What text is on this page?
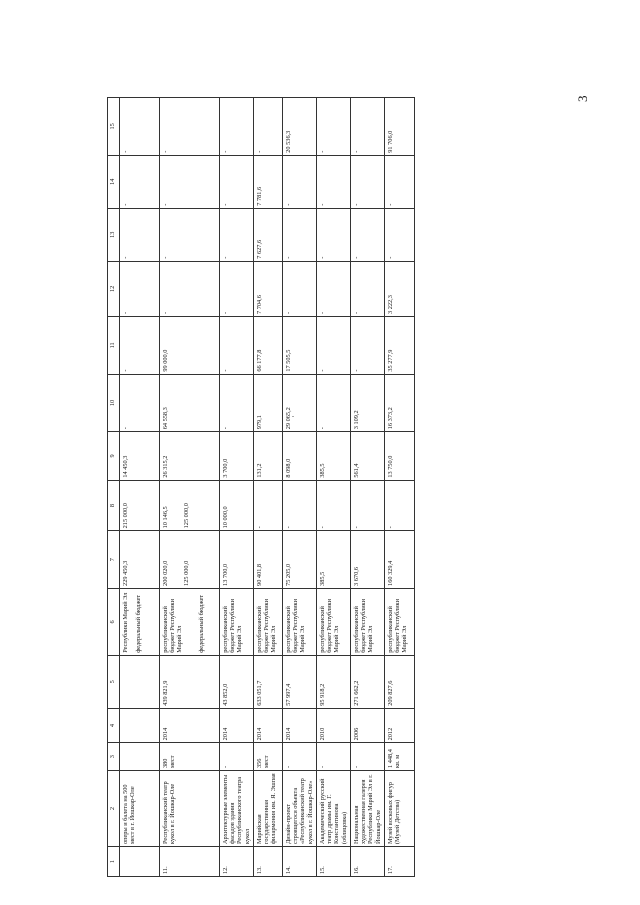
3
1	2	3	4	5	6	7	8	9	10	11	12	13	14	15
	оперы и балета на 500 мест в г. Йошкар-Оле				Республики Марий Эл федеральный бюджет	229 450,3	215 000,0	14 450,3	-	-	-	-	-	-
11.	Республиканский театр кукол в г. Йошкар-Оле	380 мест	2014	439 821,9	республиканский бюджет Республики Марий Эл федеральный бюджет	200 020,0 125 000,0	10 146,5 125 000,0	26 315,2	64 558,3	99 000,0	-	-	-	-
12.	Архитектурные элементы фасадов здания Республиканского театра кукол	-	2014	43 852,0	республиканский бюджет Республики Марий Эл	13 700,0	10 000,0	3 700,0	-	-	-	-	-	-
13.	Марийская государственная филармония им. Я. Эшпая	356 мест	2014	633 051,7	республиканский бюджет Республики Марий Эл	90 401,8	-	131,2	979,1	66 177,8	7 704,6	7 627,6	7 781,6	-
14.	Дизайн-проект строящегося объекта «Республиканский театр кукол в г. Йошкар-Оле»	-	2014	57 997,4	республиканский бюджет Республики Марий Эл	75 205,0	-	8 098,0	29 065,2	17 505,5	-	-	-	20 536,3
15.	Академический русский театр драмы им. Г. Константинова (облицовка)	-	2010	95 918,2	республиканский бюджет Республики Марий Эл	385,5	-	385,5	-	-	-	-	-	-
16.	Национальная художественная галерея Республики Марий Эл в г. Йошкар-Оле	-	2006	271 662,2	республиканский бюджет Республики Марий Эл	3 670,6	-	561,4	3 109,2	-	-	-	-	-
17.	Музей восковых фигур (Музей Детства)	1 448,4 кв. м	2012	209 827,6	республиканский бюджет Республики Марий Эл	160 329,4	-	13 750,0	16 373,2	35 277,9	3 222,3	-	-	91 706,0
